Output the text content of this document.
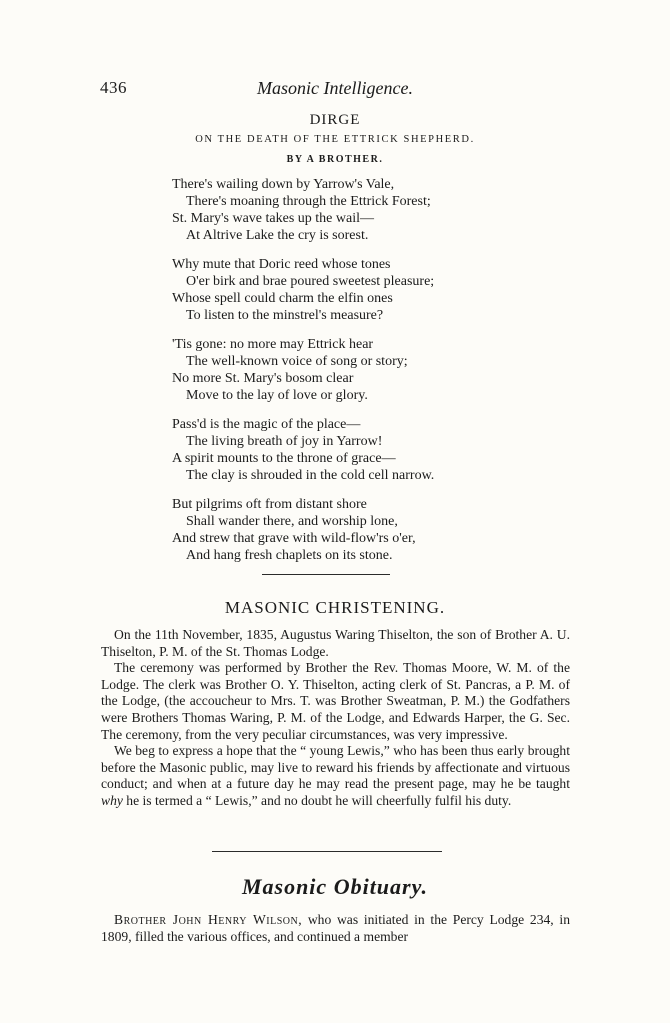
436	Masonic Intelligence.
DIRGE
ON THE DEATH OF THE ETTRICK SHEPHERD.
BY A BROTHER.
There's wailing down by Yarrow's Vale,
There's moaning through the Ettrick Forest;
St. Mary's wave takes up the wail—
At Altrive Lake the cry is sorest.
Why mute that Doric reed whose tones
O'er birk and brae poured sweetest pleasure;
Whose spell could charm the elfin ones
To listen to the minstrel's measure?
'Tis gone: no more may Ettrick hear
The well-known voice of song or story;
No more St. Mary's bosom clear
Move to the lay of love or glory.
Pass'd is the magic of the place—
The living breath of joy in Yarrow!
A spirit mounts to the throne of grace—
The clay is shrouded in the cold cell narrow.
But pilgrims oft from distant shore
Shall wander there, and worship lone,
And strew that grave with wild-flow'rs o'er,
And hang fresh chaplets on its stone.
MASONIC CHRISTENING.

On the 11th November, 1835, Augustus Waring Thiselton, the son of Brother A. U. Thiselton, P. M. of the St. Thomas Lodge.

The ceremony was performed by Brother the Rev. Thomas Moore, W. M. of the Lodge. The clerk was Brother O. Y. Thiselton, acting clerk of St. Pancras, a P. M. of the Lodge, (the accoucheur to Mrs. T. was Brother Sweatman, P. M.) the Godfathers were Brothers Thomas Waring, P. M. of the Lodge, and Edwards Harper, the G. Sec. The ceremony, from the very peculiar circumstances, was very impressive.

We beg to express a hope that the “ young Lewis,” who has been thus early brought before the Masonic public, may live to reward his friends by affectionate and virtuous conduct; and when at a future day he may read the present page, may he be taught why he is termed a “ Lewis,” and no doubt he will cheerfully fulfil his duty.

Masonic Obituary.

Brother John Henry Wilson, who was initiated in the Percy Lodge 234, in 1809, filled the various offices, and continued a member
